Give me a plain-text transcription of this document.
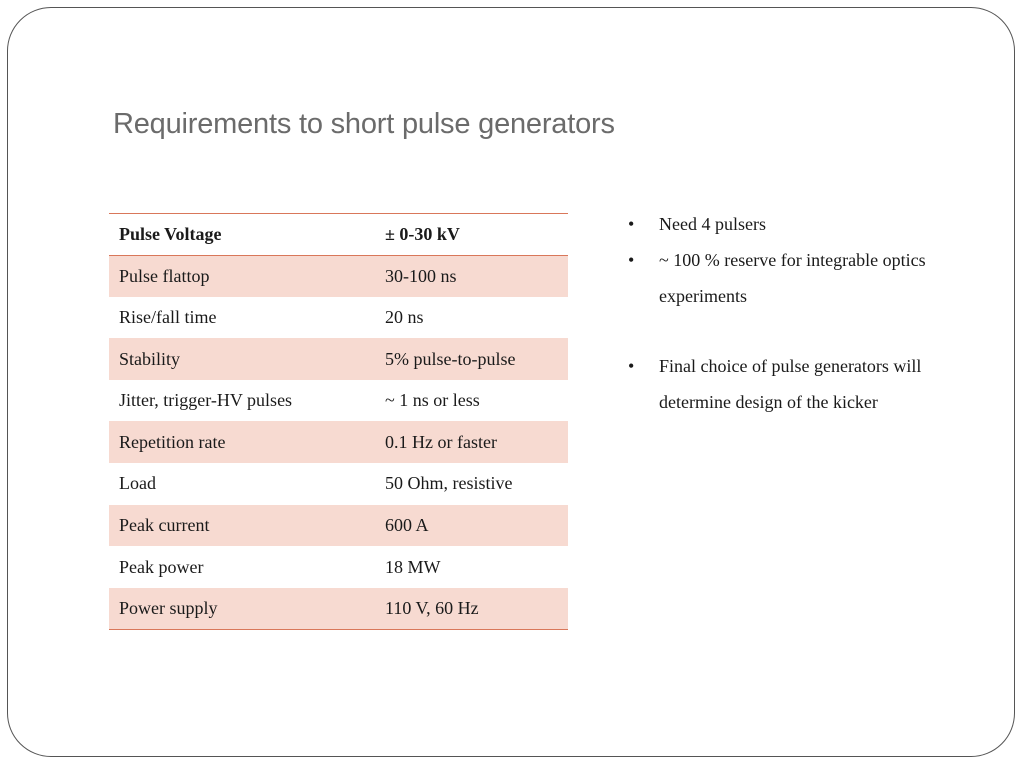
Requirements to short pulse generators
Pulse Voltage	± 0-30 kV
Pulse flattop	30-100 ns
Rise/fall time	20 ns
Stability	5% pulse-to-pulse
Jitter, trigger-HV pulses	~ 1 ns or less
Repetition rate	0.1 Hz or faster
Load	50 Ohm, resistive
Peak current	600 A
Peak power	18 MW
Power supply	110 V, 60 Hz
• Need 4 pulsers
• ~ 100 % reserve for integrable optics experiments
• Final choice of pulse generators will determine design of the kicker
